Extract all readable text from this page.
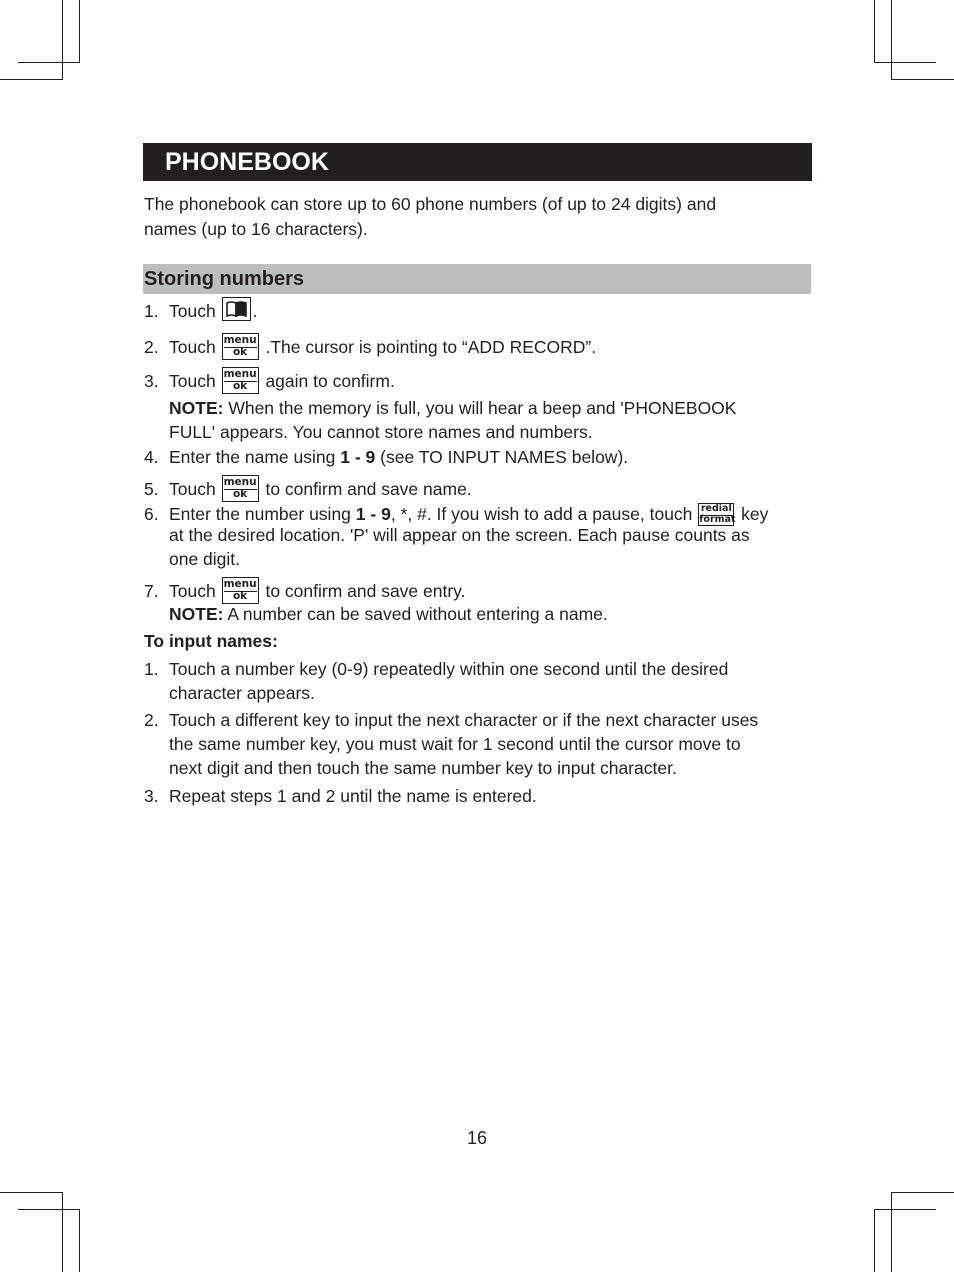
PHONEBOOK
The phonebook can store up to 60 phone numbers (of up to 24 digits) and
names (up to 16 characters).
Storing numbers
1. Touch .
2. Touch menu
ok	.The cursor is pointing to “ADD RECORD”.
3. Touch menu
ok	again to confirm.
NOTE: When the memory is full, you will hear a beep and 'PHONEBOOK
FULL' appears. You cannot store names and numbers.
4. Enter the name using 1 - 9 (see TO INPUT NAMES below).
5. Touch menu
ok	to confirm and save name.
6. Enter the number using 1 - 9, *, #. If you wish to add a pause, touch redial
format key
at the desired location. 'P' will appear on the screen. Each pause counts as
one digit.
7. Touch menu
ok	to confirm and save entry.
NOTE: A number can be saved without entering a name.
To input names:
1. Touch a number key (0-9) repeatedly within one second until the desired
character appears.
2. Touch a different key to input the next character or if the next character uses
the same number key, you must wait for 1 second until the cursor move to
next digit and then touch the same number key to input character.
3. Repeat steps 1 and 2 until the name is entered.
16
